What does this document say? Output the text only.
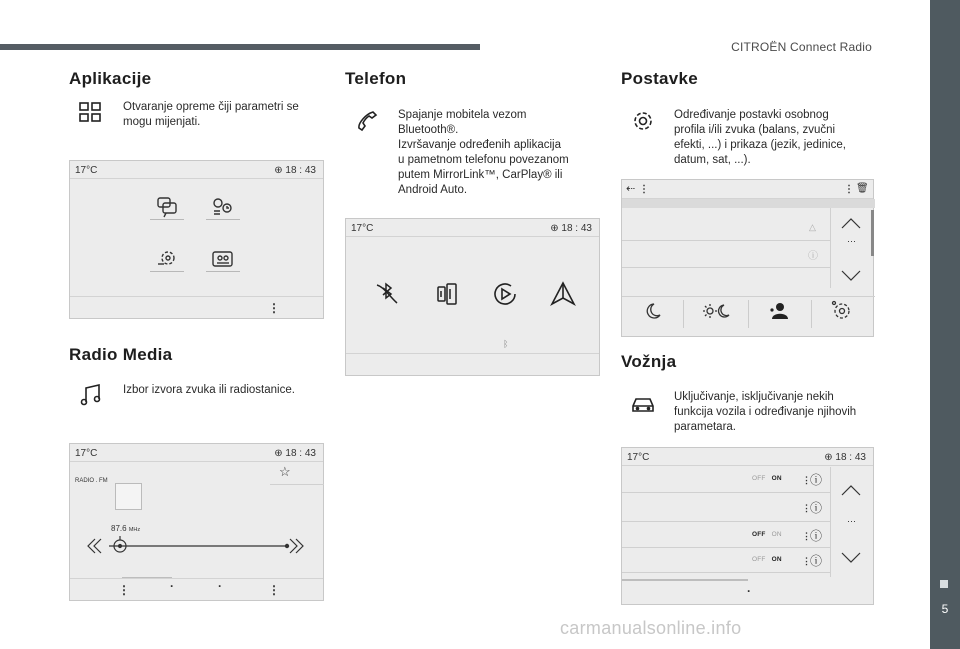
CITROËN Connect Radio
5
carmanualsonline.info
Aplikacije
Otvaranje opreme čiji parametri se mogu mijenjati.
17°C	⊕ 18 : 43
⋮
Radio Media
Izbor izvora zvuka ili radiostanice.
17°C	⊕ 18 : 43
☆
RADIO . FM
87.6 MHz
⋮	·	·	⋮
Telefon
Spajanje mobitela vezom
Bluetooth®.
Izvršavanje određenih aplikacija
u pametnom telefonu povezanom
putem MirrorLink™, CarPlay® ili
Android Auto.
17°C	⊕ 18 : 43
ᛒ
Postavke
Određivanje postavki osobnog
profila i/ili zvuka (balans, zvučni
efekti, ...) i prikaza (jezik, jedinice,
datum, sat, ...).
⇠ ⋮	⋮ 🗑︎
△
ⓘ
···
Vožnja
Uključivanje, isključivanje nekih
funkcija vozila i određivanje njihovih
parametara.
17°C	⊕ 18 : 43
OFF ON ⋮ ⓘ
⋮ ⓘ
OFF ON ⋮ ⓘ
OFF ON ⋮ ⓘ
···
·
